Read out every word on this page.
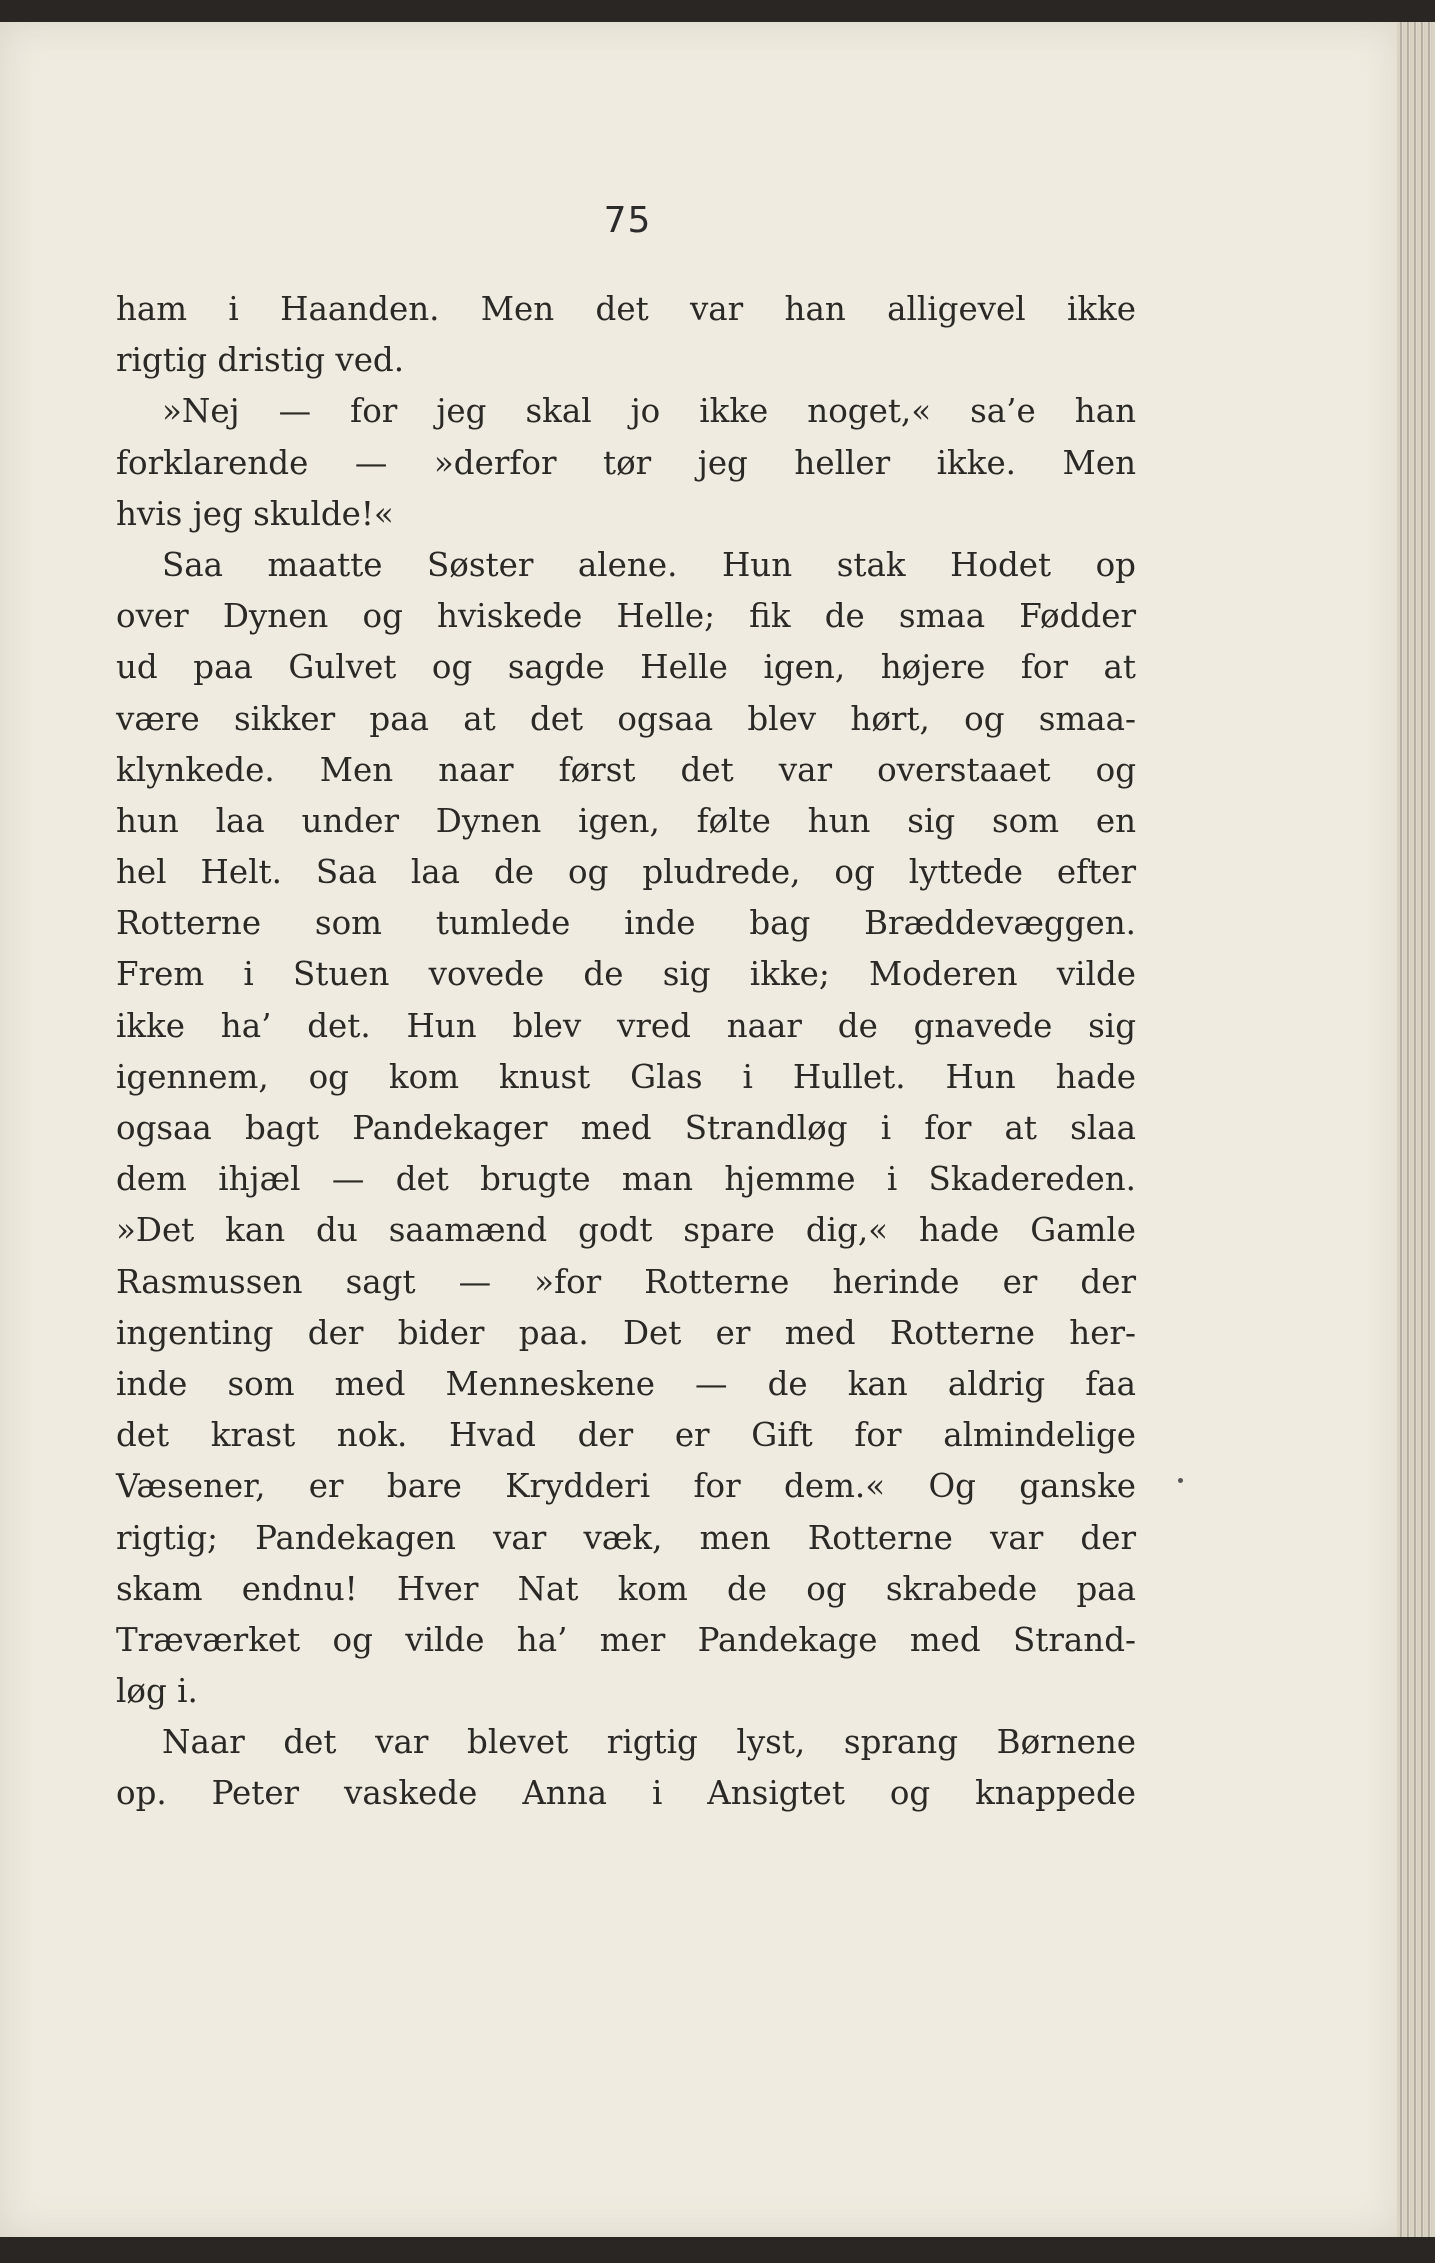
75
ham i Haanden. Men det var han alligevel ikke
rigtig dristig ved.
»Nej — for jeg skal jo ikke noget,« sa’e han
forklarende — »derfor tør jeg heller ikke. Men
hvis jeg skulde!«
Saa maatte Søster alene. Hun stak Hodet op
over Dynen og hviskede Helle; fik de smaa Fødder
ud paa Gulvet og sagde Helle igen, højere for at
være sikker paa at det ogsaa blev hørt, og smaa-
klynkede. Men naar først det var overstaaet og
hun laa under Dynen igen, følte hun sig som en
hel Helt. Saa laa de og pludrede, og lyttede efter
Rotterne som tumlede inde bag Bræddevæggen.
Frem i Stuen vovede de sig ikke; Moderen vilde
ikke ha’ det. Hun blev vred naar de gnavede sig
igennem, og kom knust Glas i Hullet. Hun hade
ogsaa bagt Pandekager med Strandløg i for at slaa
dem ihjæl — det brugte man hjemme i Skadereden.
»Det kan du saamænd godt spare dig,« hade Gamle
Rasmussen sagt — »for Rotterne herinde er der
ingenting der bider paa. Det er med Rotterne her-
inde som med Menneskene — de kan aldrig faa
det krast nok. Hvad der er Gift for almindelige
Væsener, er bare Krydderi for dem.« Og ganske
rigtig; Pandekagen var væk, men Rotterne var der
skam endnu! Hver Nat kom de og skrabede paa
Træværket og vilde ha’ mer Pandekage med Strand-
løg i.
Naar det var blevet rigtig lyst, sprang Børnene
op. Peter vaskede Anna i Ansigtet og knappede
